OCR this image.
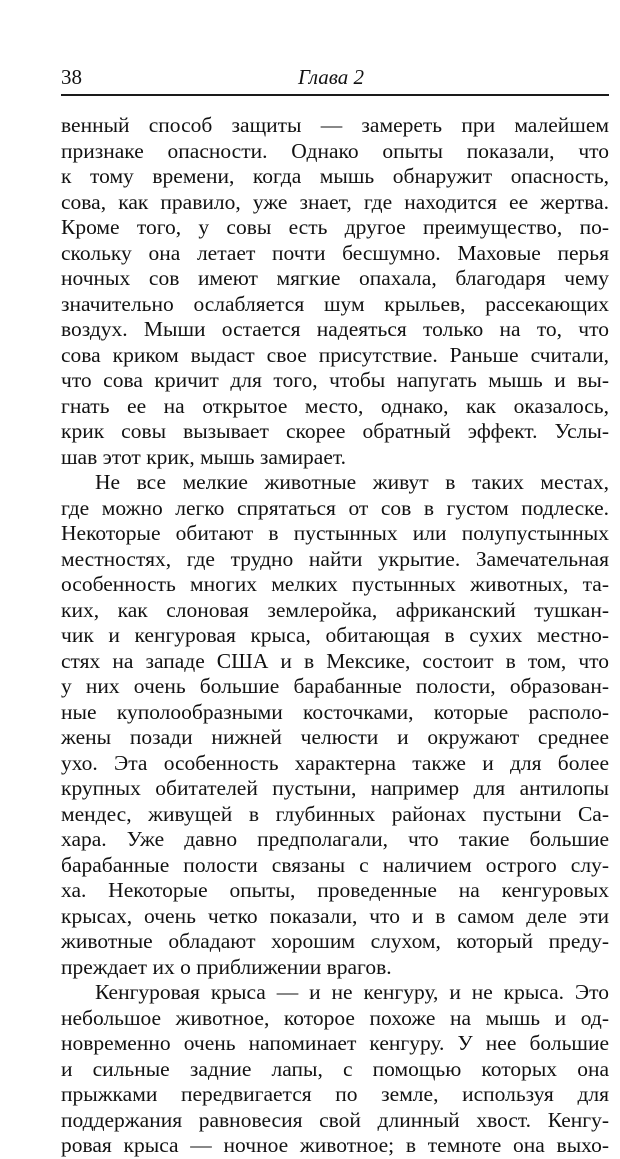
38	Глава 2
венный способ защиты — замереть при малейшем
признаке опасности. Однако опыты показали, что
к тому времени, когда мышь обнаружит опасность,
сова, как правило, уже знает, где находится ее жертва.
Кроме того, у совы есть другое преимущество, по-
скольку она летает почти бесшумно. Маховые перья
ночных сов имеют мягкие опахала, благодаря чему
значительно ослабляется шум крыльев, рассекающих
воздух. Мыши остается надеяться только на то, что
сова криком выдаст свое присутствие. Раньше считали,
что сова кричит для того, чтобы напугать мышь и вы-
гнать ее на открытое место, однако, как оказалось,
крик совы вызывает скорее обратный эффект. Услы-
шав этот крик, мышь замирает.
Не все мелкие животные живут в таких местах,
где можно легко спрятаться от сов в густом подлеске.
Некоторые обитают в пустынных или полупустынных
местностях, где трудно найти укрытие. Замечательная
особенность многих мелких пустынных животных, та-
ких, как слоновая землеройка, африканский тушкан-
чик и кенгуровая крыса, обитающая в сухих местно-
стях на западе США и в Мексике, состоит в том, что
у них очень большие барабанные полости, образован-
ные куполообразными косточками, которые располо-
жены позади нижней челюсти и окружают среднее
ухо. Эта особенность характерна также и для более
крупных обитателей пустыни, например для антилопы
мендес, живущей в глубинных районах пустыни Са-
хара. Уже давно предполагали, что такие большие
барабанные полости связаны с наличием острого слу-
ха. Некоторые опыты, проведенные на кенгуровых
крысах, очень четко показали, что и в самом деле эти
животные обладают хорошим слухом, который преду-
преждает их о приближении врагов.
Кенгуровая крыса — и не кенгуру, и не крыса. Это
небольшое животное, которое похоже на мышь и од-
новременно очень напоминает кенгуру. У нее большие
и сильные задние лапы, с помощью которых она
прыжками передвигается по земле, используя для
поддержания равновесия свой длинный хвост. Кенгу-
ровая крыса — ночное животное; в темноте она выхо-
